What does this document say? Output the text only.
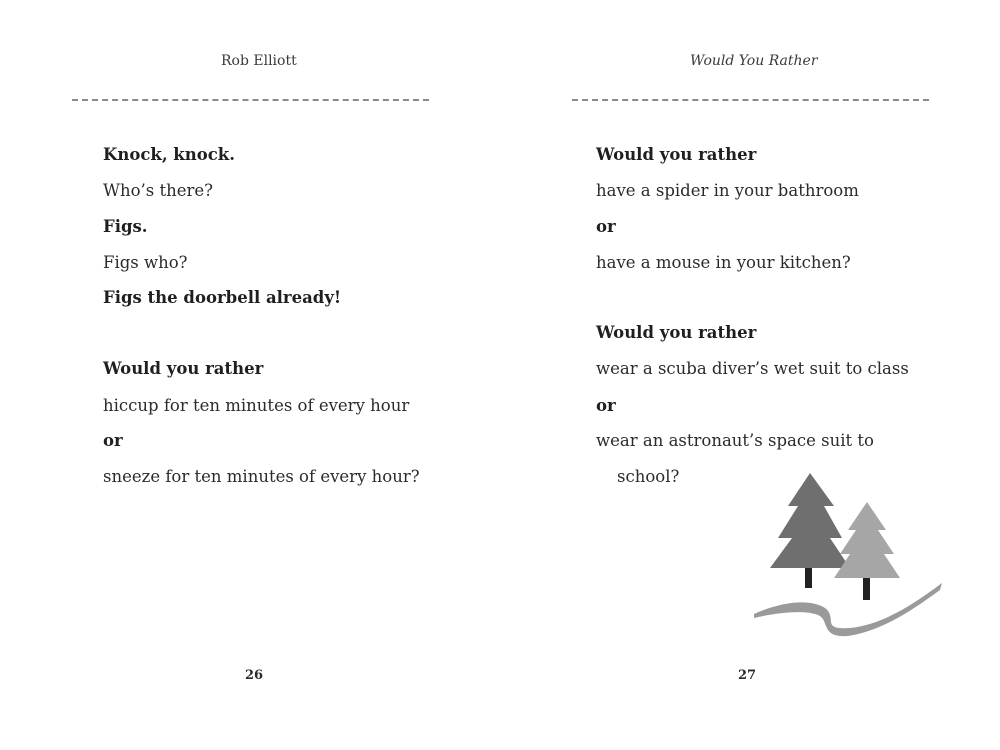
Rob Elliott
Knock, knock.
Who’s there?
Figs.
Figs who?
Figs the doorbell already!
Would you rather
hiccup for ten minutes of every hour
or
sneeze for ten minutes of every hour?
26
Would You Rather
Would you rather
have a spider in your bathroom
or
have a mouse in your kitchen?
Would you rather
wear a scuba diver’s wet suit to class
or
wear an astronaut’s space suit to
school?
27
